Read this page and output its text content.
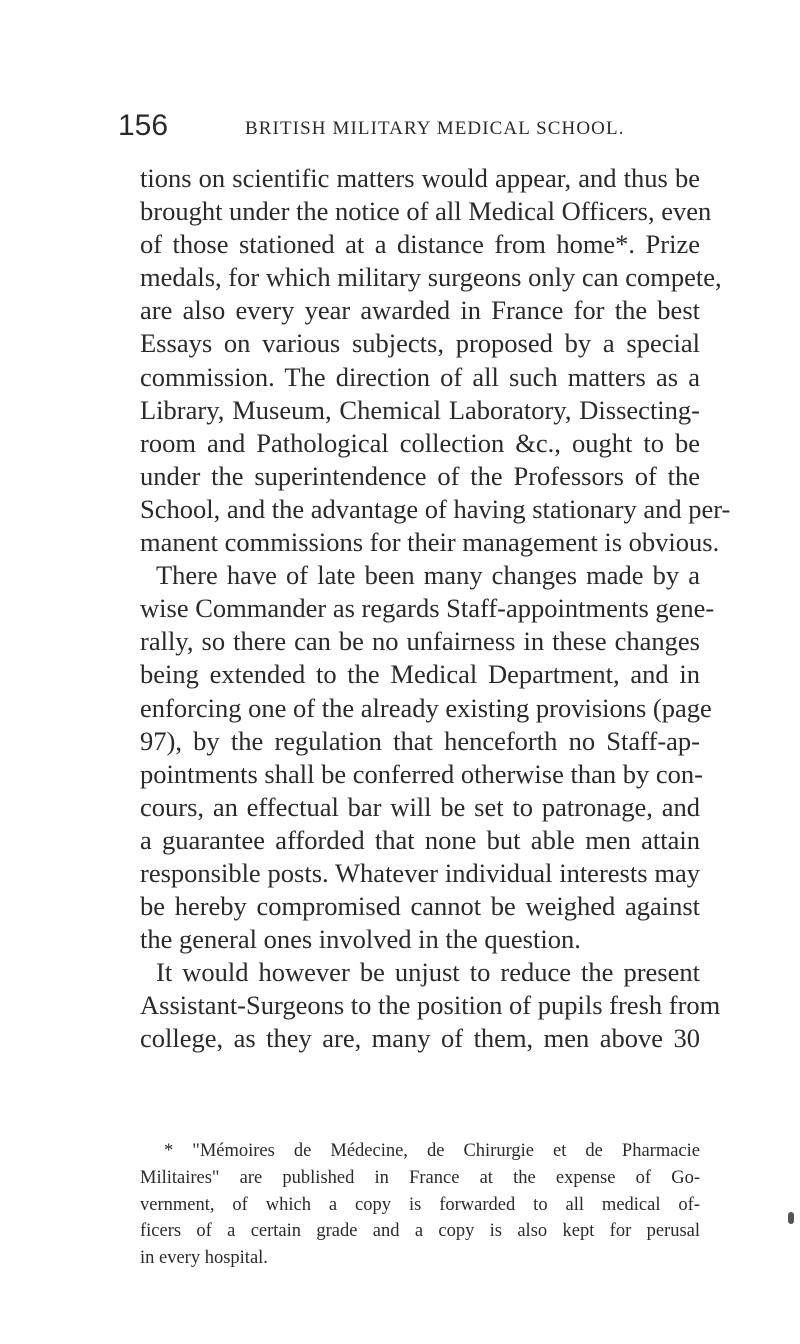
156	BRITISH MILITARY MEDICAL SCHOOL.
tions on scientific matters would appear, and thus be
brought under the notice of all Medical Officers, even
of those stationed at a distance from home*. Prize
medals, for which military surgeons only can compete,
are also every year awarded in France for the best
Essays on various subjects, proposed by a special
commission. The direction of all such matters as a
Library, Museum, Chemical Laboratory, Dissecting-
room and Pathological collection &c., ought to be
under the superintendence of the Professors of the
School, and the advantage of having stationary and per-
manent commissions for their management is obvious.
There have of late been many changes made by a
wise Commander as regards Staff-appointments gene-
rally, so there can be no unfairness in these changes
being extended to the Medical Department, and in
enforcing one of the already existing provisions (page
97), by the regulation that henceforth no Staff-ap-
pointments shall be conferred otherwise than by con-
cours, an effectual bar will be set to patronage, and
a guarantee afforded that none but able men attain
responsible posts. Whatever individual interests may
be hereby compromised cannot be weighed against
the general ones involved in the question.
It would however be unjust to reduce the present
Assistant-Surgeons to the position of pupils fresh from
college, as they are, many of them, men above 30
* "Mémoires de Médecine, de Chirurgie et de Pharmacie
Militaires" are published in France at the expense of Go-
vernment, of which a copy is forwarded to all medical of-
ficers of a certain grade and a copy is also kept for perusal
in every hospital.
